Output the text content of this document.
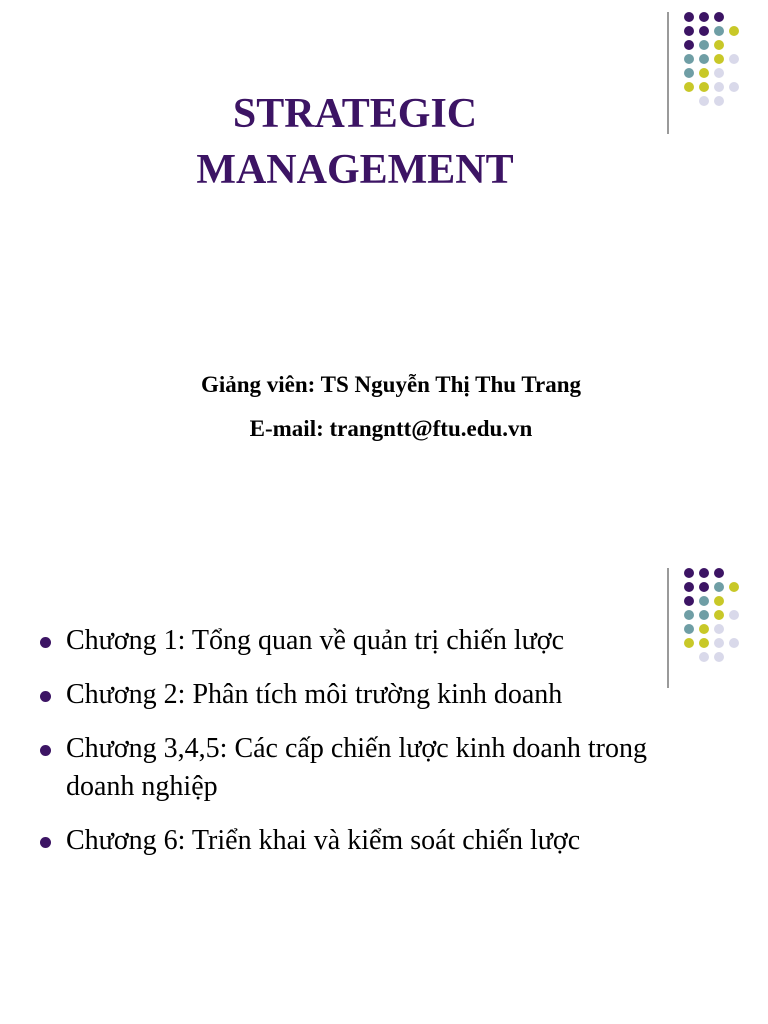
STRATEGIC
MANAGEMENT
Giảng viên: TS Nguyễn Thị Thu Trang
E-mail: trangntt@ftu.edu.vn
Chương 1: Tổng quan về quản trị chiến lược
Chương 2: Phân tích môi trường kinh doanh
Chương 3,4,5: Các cấp chiến lược kinh doanh trong doanh nghiệp
Chương 6: Triển khai và kiểm soát chiến lược
